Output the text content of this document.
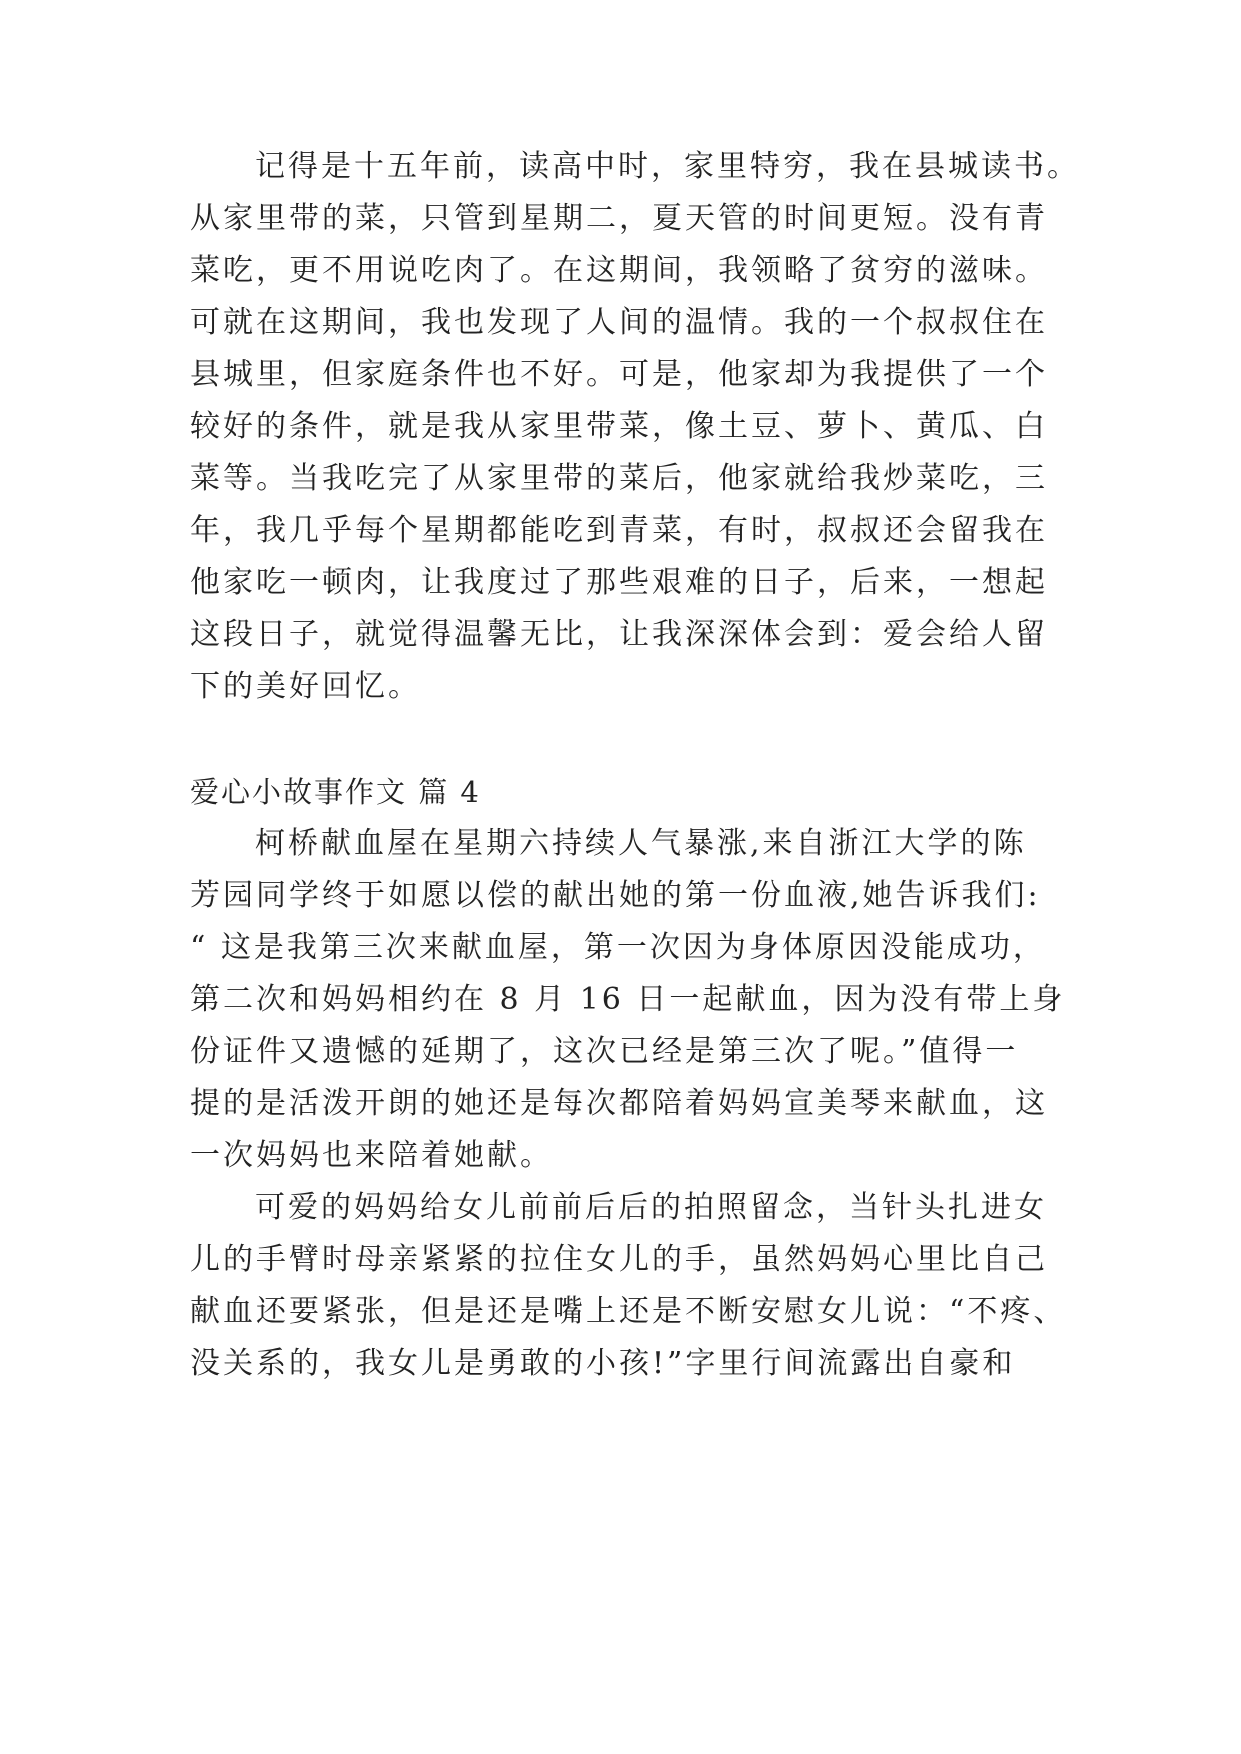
记得是十五年前，读高中时，家里特穷，我在县城读书。
从家里带的菜，只管到星期二，夏天管的时间更短。没有青
菜吃，更不用说吃肉了。在这期间，我领略了贫穷的滋味。
可就在这期间，我也发现了人间的温情。我的一个叔叔住在
县城里，但家庭条件也不好。可是，他家却为我提供了一个
较好的条件，就是我从家里带菜，像土豆、萝卜、黄瓜、白
菜等。当我吃完了从家里带的菜后，他家就给我炒菜吃，三
年，我几乎每个星期都能吃到青菜，有时，叔叔还会留我在
他家吃一顿肉，让我度过了那些艰难的日子，后来，一想起
这段日子，就觉得温馨无比，让我深深体会到：爱会给人留
下的美好回忆。
爱心小故事作文 篇 4
柯桥献血屋在星期六持续人气暴涨,来自浙江大学的陈
芳园同学终于如愿以偿的献出她的第一份血液,她告诉我们:
“ 这是我第三次来献血屋，第一次因为身体原因没能成功，
第二次和妈妈相约在 8 月 16 日一起献血，因为没有带上身
份证件又遗憾的延期了，这次已经是第三次了呢。”值得一
提的是活泼开朗的她还是每次都陪着妈妈宣美琴来献血，这
一次妈妈也来陪着她献。
可爱的妈妈给女儿前前后后的拍照留念，当针头扎进女
儿的手臂时母亲紧紧的拉住女儿的手，虽然妈妈心里比自己
献血还要紧张，但是还是嘴上还是不断安慰女儿说：“不疼、
没关系的，我女儿是勇敢的小孩!”字里行间流露出自豪和
